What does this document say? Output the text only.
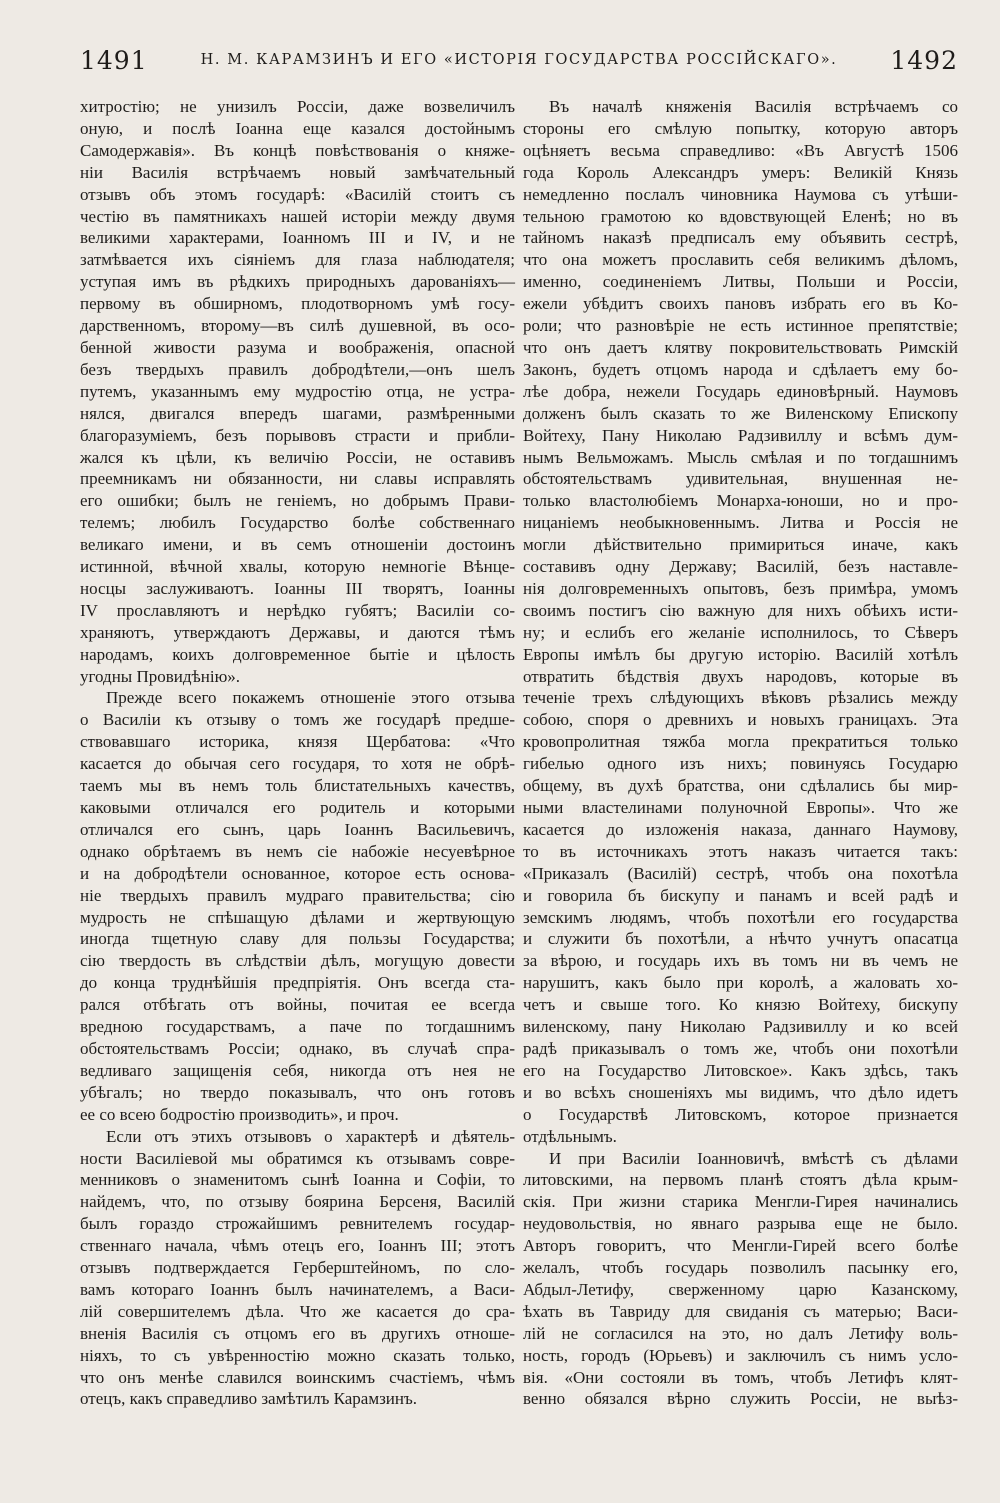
1491	Н. М. КАРАМЗИНЪ И ЕГО «ИСТОРІЯ ГОСУДАРСТВА РОССІЙСКАГО».	1492
хитростію; не унизилъ Россіи, даже возвеличилъ
оную, и послѣ Іоанна еще казался достойнымъ
Самодержавія». Въ концѣ повѣствованія о княже-
ніи Василія встрѣчаемъ новый замѣчательный
отзывъ объ этомъ государѣ: «Василій стоитъ съ
честію въ памятникахъ нашей исторіи между двумя
великими характерами, Іоанномъ III и IV, и не
затмѣвается ихъ сіяніемъ для глаза наблюдателя;
уступая имъ въ рѣдкихъ природныхъ дарованіяхъ—
первому въ обширномъ, плодотворномъ умѣ госу-
дарственномъ, второму—въ силѣ душевной, въ осо-
бенной живости разума и воображенія, опасной
безъ твердыхъ правилъ добродѣтели,—онъ шелъ
путемъ, указаннымъ ему мудростію отца, не устра-
нялся, двигался впередъ шагами, размѣренными
благоразуміемъ, безъ порывовъ страсти и прибли-
жался къ цѣли, къ величію Россіи, не оставивъ
преемникамъ ни обязанности, ни славы исправлять
его ошибки; былъ не геніемъ, но добрымъ Прави-
телемъ; любилъ Государство болѣе собственнаго
великаго имени, и въ семъ отношеніи достоинъ
истинной, вѣчной хвалы, которую немногіе Вѣнце-
носцы заслуживаютъ. Іоанны III творятъ, Іоанны
IV прославляютъ и нерѣдко губятъ; Василіи со-
храняютъ, утверждаютъ Державы, и даются тѣмъ
народамъ, коихъ долговременное бытіе и цѣлость
угодны Провидѣнію».
Прежде всего покажемъ отношеніе этого отзыва
о Василіи къ отзыву о томъ же государѣ предше-
ствовавшаго историка, князя Щербатова: «Что
касается до обычая сего государя, то хотя не обрѣ-
таемъ мы въ немъ толь блистательныхъ качествъ,
каковыми отличался его родитель и которыми
отличался его сынъ, царь Іоаннъ Васильевичъ,
однако обрѣтаемъ въ немъ сіе набожіе несуевѣрное
и на добродѣтели основанное, которое есть основа-
ніе твердыхъ правилъ мудраго правительства; сію
мудрость не спѣшащую дѣлами и жертвующую
иногда тщетную славу для пользы Государства;
сію твердость въ слѣдствіи дѣлъ, могущую довести
до конца труднѣйшія предпріятія. Онъ всегда ста-
рался отбѣгать отъ войны, почитая ее всегда
вредною государствамъ, а паче по тогдашнимъ
обстоятельствамъ Россіи; однако, въ случаѣ спра-
ведливаго защищенія себя, никогда отъ нея не
убѣгалъ; но твердо показывалъ, что онъ готовъ
ее со всею бодростію производить», и проч.
Если отъ этихъ отзывовъ о характерѣ и дѣятель-
ности Василіевой мы обратимся къ отзывамъ совре-
менниковъ о знаменитомъ сынѣ Іоанна и Софіи, то
найдемъ, что, по отзыву боярина Берсеня, Василій
былъ гораздо строжайшимъ ревнителемъ государ-
ственнаго начала, чѣмъ отецъ его, Іоаннъ III; этотъ
отзывъ подтверждается Герберштейномъ, по сло-
вамъ котораго Іоаннъ былъ начинателемъ, а Васи-
лій совершителемъ дѣла. Что же касается до сра-
вненія Василія съ отцомъ его въ другихъ отноше-
ніяхъ, то съ увѣренностію можно сказать только,
что онъ менѣе славился воинскимъ счастіемъ, чѣмъ
отецъ, какъ справедливо замѣтилъ Карамзинъ.
Въ началѣ княженія Василія встрѣчаемъ со
стороны его смѣлую попытку, которую авторъ
оцѣняетъ весьма справедливо: «Въ Августѣ 1506
года Король Александръ умеръ: Великій Князь
немедленно послалъ чиновника Наумова съ утѣши-
тельною грамотою ко вдовствующей Еленѣ; но въ
тайномъ наказѣ предписалъ ему объявить сестрѣ,
что она можетъ прославить себя великимъ дѣломъ,
именно, соединеніемъ Литвы, Польши и Россіи,
ежели убѣдитъ своихъ пановъ избрать его въ Ко-
роли; что разновѣріе не есть истинное препятствіе;
что онъ даетъ клятву покровительствовать Римскій
Законъ, будетъ отцомъ народа и сдѣлаетъ ему бо-
лѣе добра, нежели Государь единовѣрный. Наумовъ
долженъ былъ сказать то же Виленскому Епископу
Войтеху, Пану Николаю Радзивиллу и всѣмъ дум-
нымъ Вельможамъ. Мысль смѣлая и по тогдашнимъ
обстоятельствамъ удивительная, внушенная не-
только властолюбіемъ Монарха-юноши, но и про-
ницаніемъ необыкновеннымъ. Литва и Россія не
могли дѣйствительно примириться иначе, какъ
составивъ одну Державу; Василій, безъ наставле-
нія долговременныхъ опытовъ, безъ примѣра, умомъ
своимъ постигъ сію важную для нихъ обѣихъ исти-
ну; и еслибъ его желаніе исполнилось, то Сѣверъ
Европы имѣлъ бы другую исторію. Василій хотѣлъ
отвратить бѣдствія двухъ народовъ, которые въ
теченіе трехъ слѣдующихъ вѣковъ рѣзались между
собою, споря о древнихъ и новыхъ границахъ. Эта
кровопролитная тяжба могла прекратиться только
гибелью одного изъ нихъ; повинуясь Государю
общему, въ духѣ братства, они сдѣлались бы мир-
ными властелинами полуночной Европы». Что же
касается до изложенія наказа, даннаго Наумову,
то въ источникахъ этотъ наказъ читается такъ:
«Приказалъ (Василій) сестрѣ, чтобъ она похотѣла
и говорила бъ бискупу и панамъ и всей радѣ и
земскимъ людямъ, чтобъ похотѣли его государства
и служити бъ похотѣли, а нѣчто учнутъ опасатца
за вѣрою, и государь ихъ въ томъ ни въ чемъ не
нарушитъ, какъ было при королѣ, а жаловать хо-
четъ и свыше того. Ко князю Войтеху, бискупу
виленскому, пану Николаю Радзивиллу и ко всей
радѣ приказывалъ о томъ же, чтобъ они похотѣли
его на Государство Литовское». Какъ здѣсь, такъ
и во всѣхъ сношеніяхъ мы видимъ, что дѣло идетъ
о Государствѣ Литовскомъ, которое признается
отдѣльнымъ.
И при Василіи Іоанновичѣ, вмѣстѣ съ дѣлами
литовскими, на первомъ планѣ стоятъ дѣла крым-
скія. При жизни старика Менгли-Гирея начинались
неудовольствія, но явнаго разрыва еще не было.
Авторъ говоритъ, что Менгли-Гирей всего болѣе
желалъ, чтобъ государь позволилъ пасынку его,
Абдыл-Летифу, сверженному царю Казанскому,
ѣхать въ Тавриду для свиданія съ матерью; Васи-
лій не согласился на это, но далъ Летифу воль-
ность, городъ (Юрьевъ) и заключилъ съ нимъ усло-
вія. «Они состояли въ томъ, чтобъ Летифъ клят-
венно обязался вѣрно служить Россіи, не выѣз-
